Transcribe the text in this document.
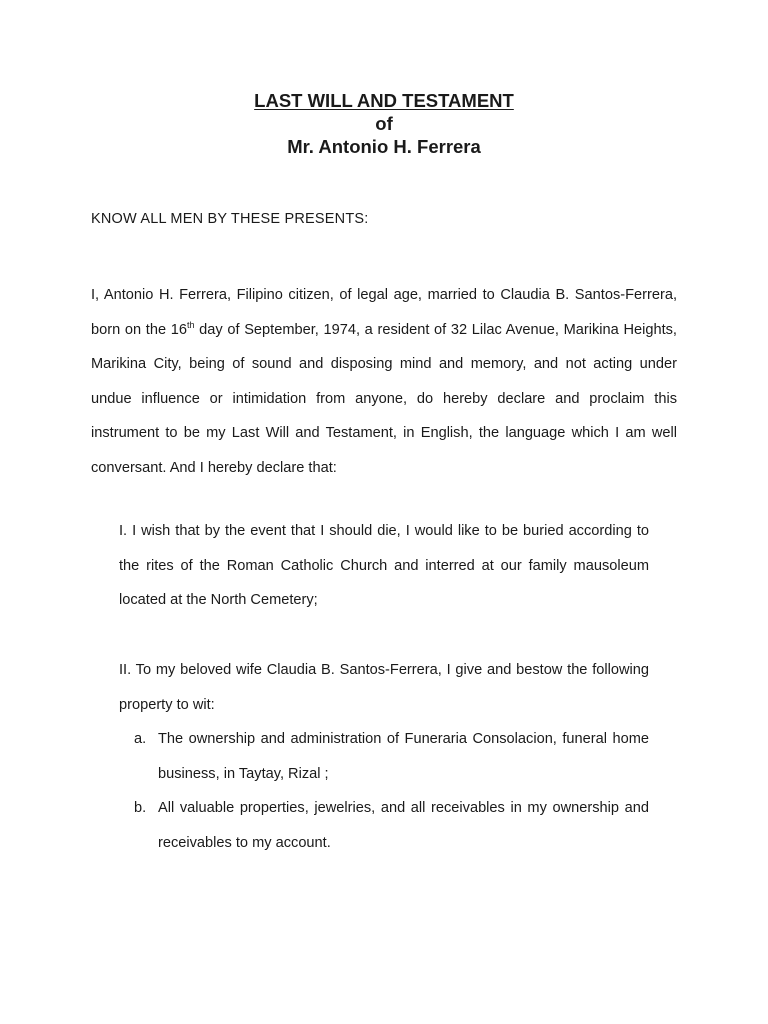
LAST WILL AND TESTAMENT
of
Mr. Antonio H. Ferrera
KNOW ALL MEN BY THESE PRESENTS:
I, Antonio H. Ferrera, Filipino citizen, of legal age, married to Claudia B. Santos-Ferrera, born on the 16th day of September, 1974, a resident of 32 Lilac Avenue, Marikina Heights, Marikina City, being of sound and disposing mind and memory, and not acting under undue influence or intimidation from anyone, do hereby declare and proclaim this instrument to be my Last Will and Testament, in English, the language which I am well conversant. And I hereby declare that:
I. I wish that by the event that I should die, I would like to be buried according to the rites of the Roman Catholic Church and interred at our family mausoleum located at the North Cemetery;
II. To my beloved wife Claudia B. Santos-Ferrera, I give and bestow the following property to wit:
a. The ownership and administration of Funeraria Consolacion, funeral home business, in Taytay, Rizal ;
b. All valuable properties, jewelries, and all receivables in my ownership and receivables to my account.
